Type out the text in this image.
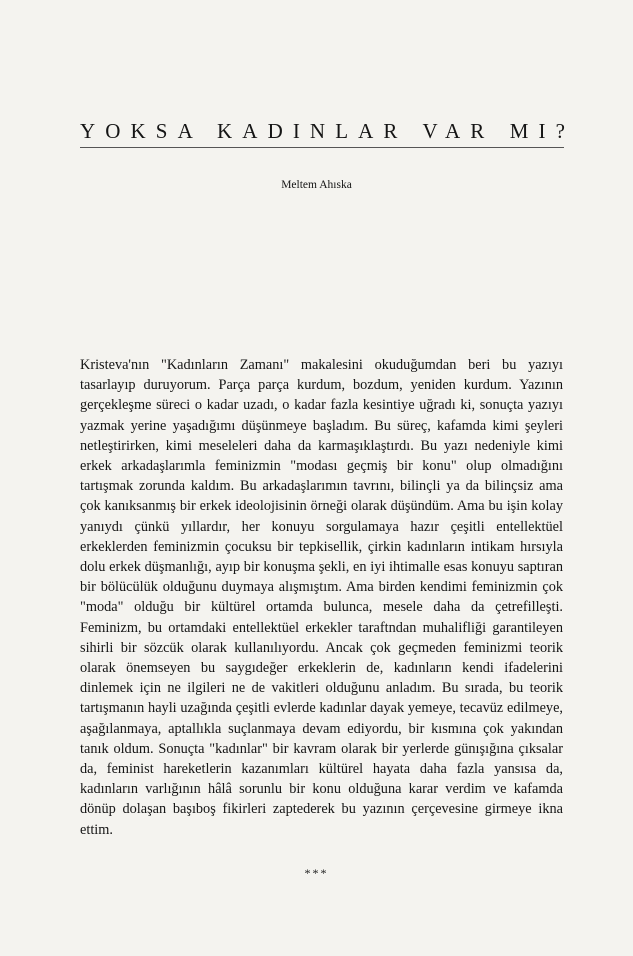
YOKSA KADINLAR VAR MI?
Meltem Ahıska

Kristeva'nın "Kadınların Zamanı" makalesini okuduğumdan beri bu yazıyı tasarlayıp duruyorum. Parça parça kurdum, bozdum, yeniden kurdum. Yazının gerçekleşme süreci o kadar uzadı, o kadar fazla kesintiye uğradı ki, sonuçta yazıyı yazmak yerine yaşadığımı düşünmeye başladım. Bu süreç, kafamda kimi şeyleri netleştirirken, kimi meseleleri daha da karmaşıklaştırdı. Bu yazı nedeniyle kimi erkek arkadaşlarımla feminizmin "modası geçmiş bir konu" olup olmadığını tartışmak zorunda kaldım. Bu arkadaşlarımın tavrını, bilinçli ya da bilinçsiz ama çok kanıksanmış bir erkek ideolojisinin örneği olarak düşündüm. Ama bu işin kolay yanıydı çünkü yıllardır, her konuyu sorgulamaya hazır çeşitli entellektüel erkeklerden feminizmin çocuksu bir tepkisellik, çirkin kadınların intikam hırsıyla dolu erkek düşmanlığı, ayıp bir konuşma şekli, en iyi ihtimalle esas konuyu saptıran bir bölücülük olduğunu duymaya alışmıştım. Ama birden kendimi feminizmin çok "moda" olduğu bir kültürel ortamda bulunca, mesele daha da çetrefilleşti. Feminizm, bu ortamdaki entellektüel erkekler taraftndan muhalifliği garantileyen sihirli bir sözcük olarak kullanılıyordu. Ancak çok geçmeden feminizmi teorik olarak önemseyen bu saygıdeğer erkeklerin de, kadınların kendi ifadelerini dinlemek için ne ilgileri ne de vakitleri olduğunu anladım. Bu sırada, bu teorik tartışmanın hayli uzağında çeşitli evlerde kadınlar dayak yemeye, tecavüz edilmeye, aşağılanmaya, aptallıkla suçlanmaya devam ediyordu, bir kısmına çok yakından tanık oldum. Sonuçta "kadınlar" bir kavram olarak bir yerlerde günışığına çıksalar da, feminist hareketlerin kazanımları kültürel hayata daha fazla yansısa da, kadınların varlığının hâlâ sorunlu bir konu olduğuna karar verdim ve kafamda dönüp dolaşan başıboş fikirleri zaptederek bu yazının çerçevesine girmeye ikna ettim.

***
